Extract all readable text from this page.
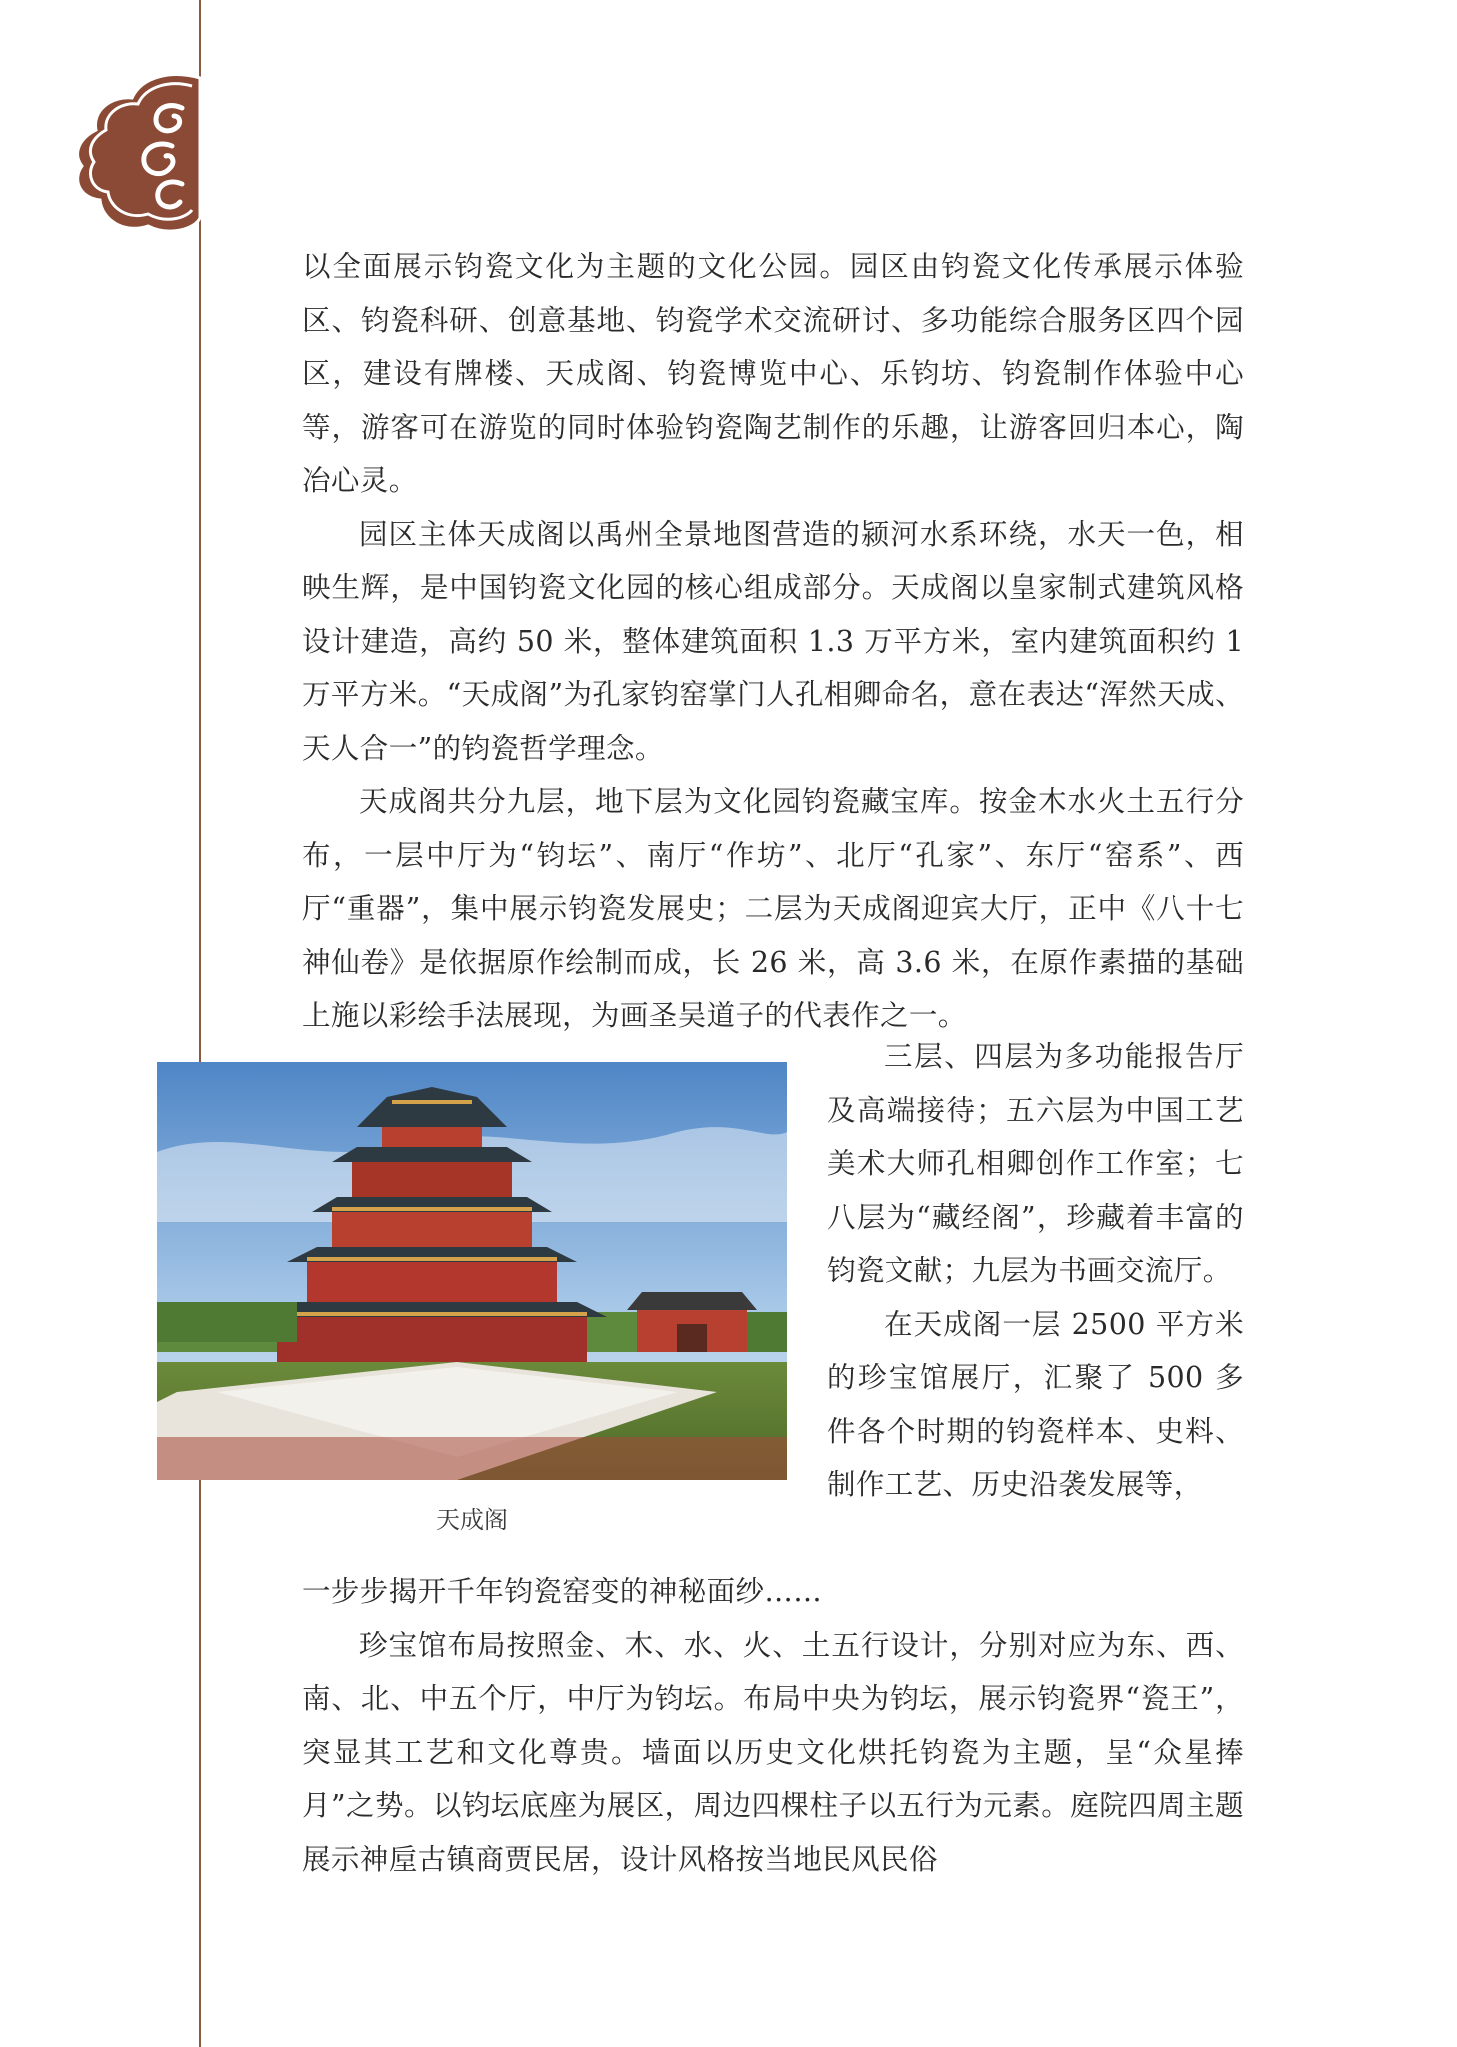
以全面展示钧瓷文化为主题的文化公园。园区由钧瓷文化传承展示体验区、钧瓷科研、创意基地、钧瓷学术交流研讨、多功能综合服务区四个园区，建设有牌楼、天成阁、钧瓷博览中心、乐钧坊、钧瓷制作体验中心等，游客可在游览的同时体验钧瓷陶艺制作的乐趣，让游客回归本心，陶冶心灵。

园区主体天成阁以禹州全景地图营造的颍河水系环绕，水天一色，相映生辉，是中国钧瓷文化园的核心组成部分。天成阁以皇家制式建筑风格设计建造，高约 50 米，整体建筑面积 1.3 万平方米，室内建筑面积约 1 万平方米。“天成阁”为孔家钧窑掌门人孔相卿命名，意在表达“浑然天成、天人合一”的钧瓷哲学理念。

天成阁共分九层，地下层为文化园钧瓷藏宝库。按金木水火土五行分布，一层中厅为“钧坛”、南厅“作坊”、北厅“孔家”、东厅“窑系”、西厅“重器”，集中展示钧瓷发展史；二层为天成阁迎宾大厅，正中《八十七神仙卷》是依据原作绘制而成，长 26 米，高 3.6 米，在原作素描的基础上施以彩绘手法展现，为画圣吴道子的代表作之一。

三层、四层为多功能报告厅及高端接待；五六层为中国工艺美术大师孔相卿创作工作室；七八层为“藏经阁”，珍藏着丰富的钧瓷文献；九层为书画交流厅。

在天成阁一层 2500 平方米的珍宝馆展厅，汇聚了 500 多件各个时期的钧瓷样本、史料、制作工艺、历史沿袭发展等，

天成阁

一步步揭开千年钧瓷窑变的神秘面纱……

珍宝馆布局按照金、木、水、火、土五行设计，分别对应为东、西、南、北、中五个厅，中厅为钧坛。布局中央为钧坛，展示钧瓷界“瓷王”，突显其工艺和文化尊贵。墙面以历史文化烘托钧瓷为主题，呈“众星捧月”之势。以钧坛底座为展区，周边四棵柱子以五行为元素。庭院四周主题展示神垕古镇商贾民居，设计风格按当地民风民俗
